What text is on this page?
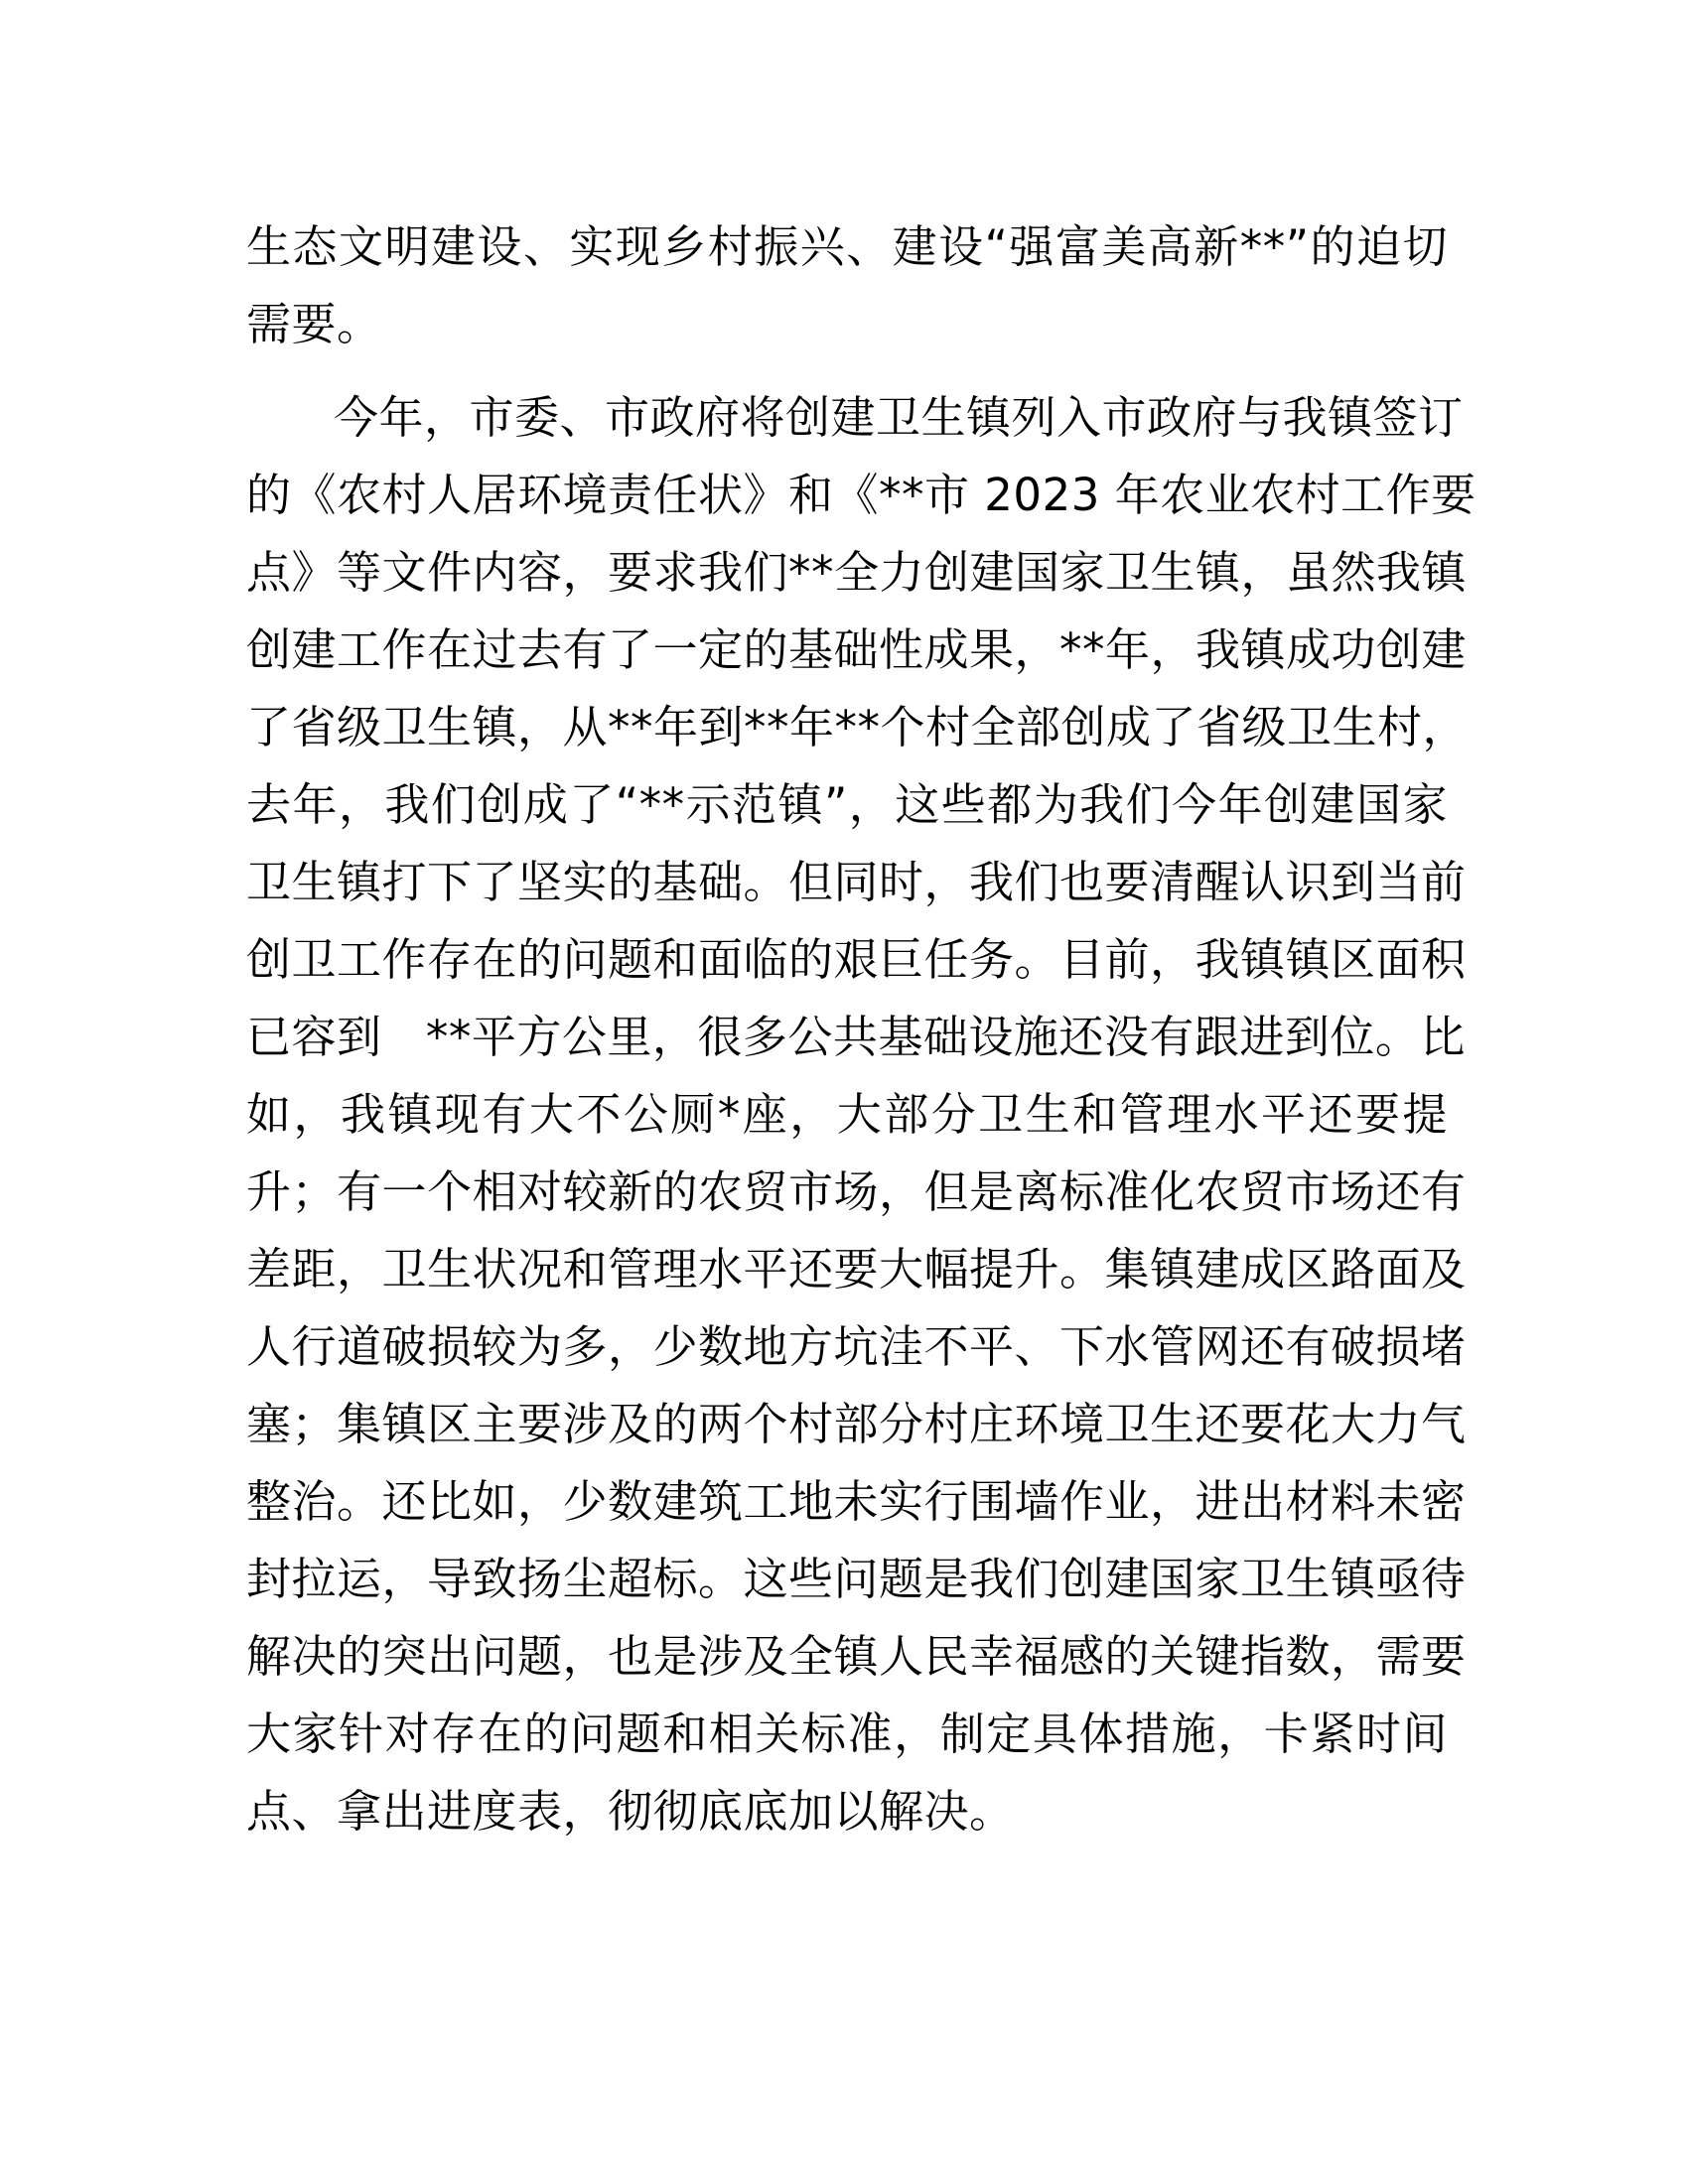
生态文明建设、实现乡村振兴、建设“强富美高新**”的迫切
需要。
今年，市委、市政府将创建卫生镇列入市政府与我镇签订
的《农村人居环境责任状》和《**市 2023 年农业农村工作要
点》等文件内容，要求我们**全力创建国家卫生镇，虽然我镇
创建工作在过去有了一定的基础性成果，**年，我镇成功创建
了省级卫生镇，从**年到**年**个村全部创成了省级卫生村，
去年，我们创成了“**示范镇”，这些都为我们今年创建国家
卫生镇打下了坚实的基础。但同时，我们也要清醒认识到当前
创卫工作存在的问题和面临的艰巨任务。目前，我镇镇区面积
已容到   **平方公里，很多公共基础设施还没有跟进到位。比
如，我镇现有大不公厕*座，大部分卫生和管理水平还要提
升；有一个相对较新的农贸市场，但是离标准化农贸市场还有
差距，卫生状况和管理水平还要大幅提升。集镇建成区路面及
人行道破损较为多，少数地方坑洼不平、下水管网还有破损堵
塞；集镇区主要涉及的两个村部分村庄环境卫生还要花大力气
整治。还比如，少数建筑工地未实行围墙作业，进出材料未密
封拉运，导致扬尘超标。这些问题是我们创建国家卫生镇亟待
解决的突出问题，也是涉及全镇人民幸福感的关键指数，需要
大家针对存在的问题和相关标准，制定具体措施，卡紧时间
点、拿出进度表，彻彻底底加以解决。
